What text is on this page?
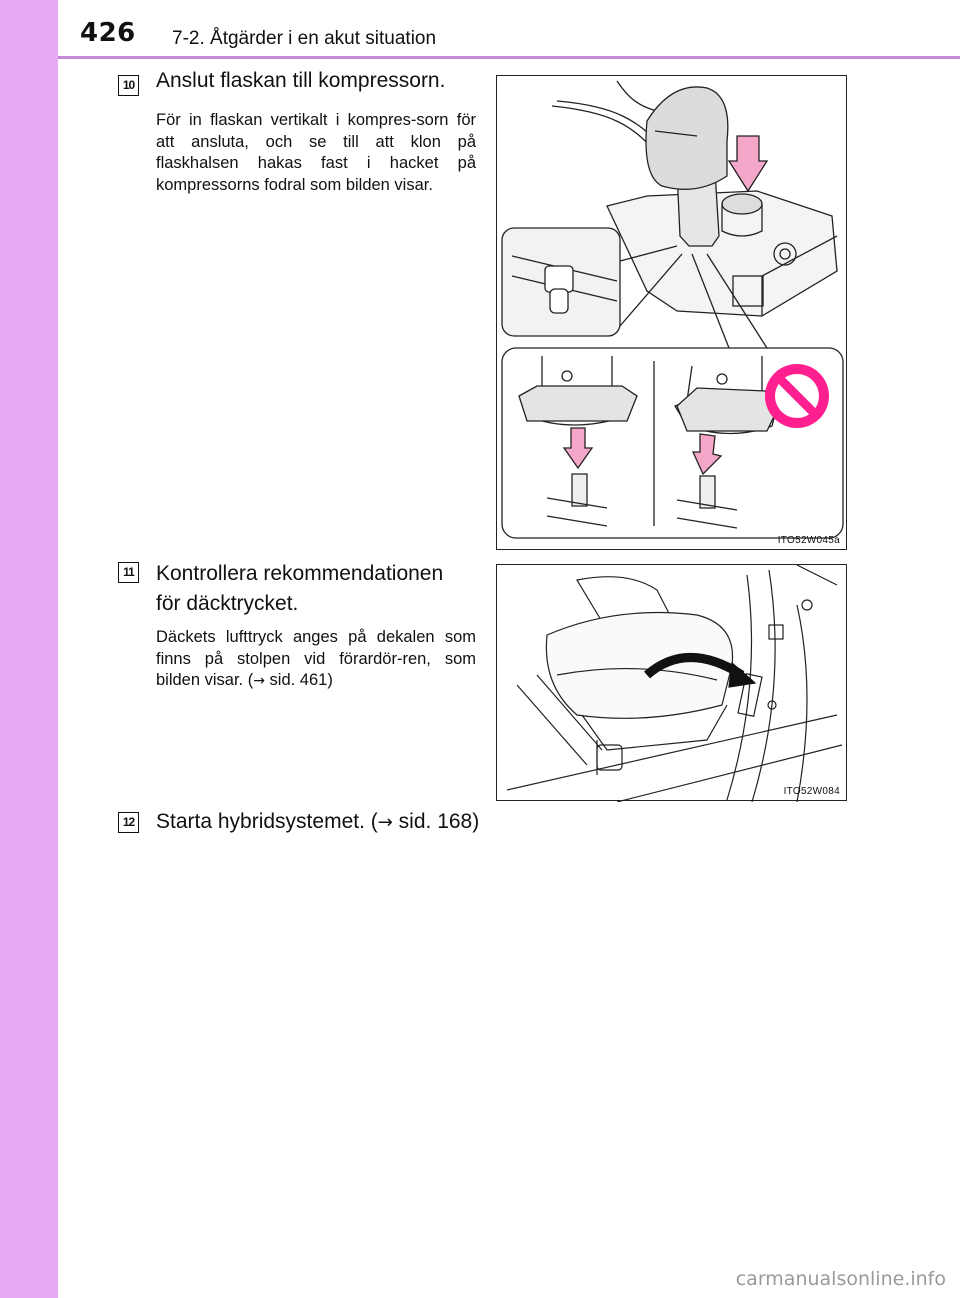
426 7-2. Åtgärder i en akut situation
10 Anslut flaskan till kompressorn.
För in flaskan vertikalt i kompres-sorn för att ansluta, och se till att klon på flaskhalsen hakas fast i hacket på kompressorns fodral som bilden visar.
ITO52W045a
11 Kontrollera rekommendationen
för däcktrycket.
Däckets lufttryck anges på dekalen som finns på stolpen vid förardör-ren, som bilden visar. (→ sid. 461)
ITO52W084
12 Starta hybridsystemet. (→ sid. 168)
carmanualsonline.info
